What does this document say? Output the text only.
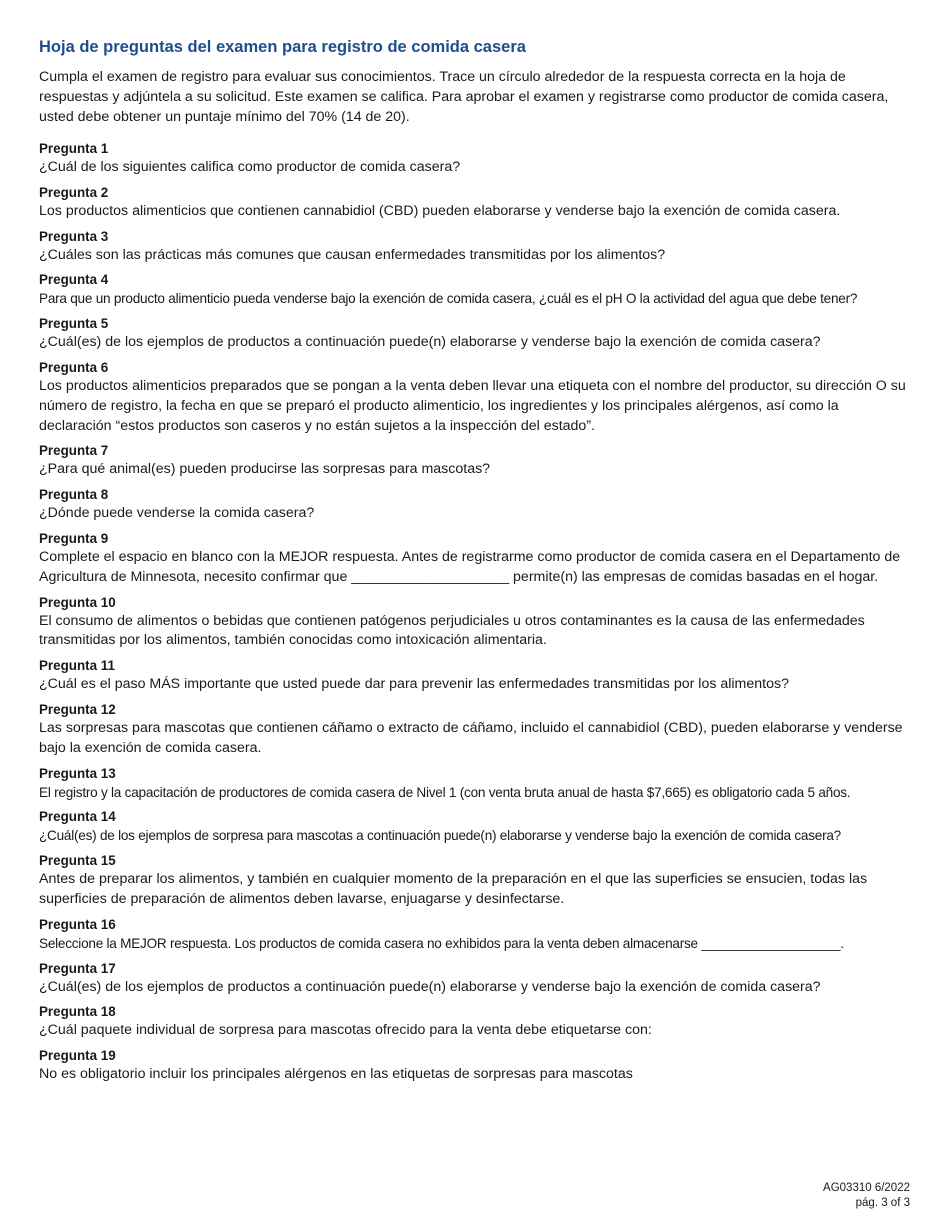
Hoja de preguntas del examen para registro de comida casera

Cumpla el examen de registro para evaluar sus conocimientos. Trace un círculo alrededor de la respuesta correcta en la hoja de respuestas y adjúntela a su solicitud. Este examen se califica. Para aprobar el examen y registrarse como productor de comida casera, usted debe obtener un puntaje mínimo del 70% (14 de 20).

Pregunta 1
¿Cuál de los siguientes califica como productor de comida casera?
Pregunta 2
Los productos alimenticios que contienen cannabidiol (CBD) pueden elaborarse y venderse bajo la exención de comida casera.
Pregunta 3
¿Cuáles son las prácticas más comunes que causan enfermedades transmitidas por los alimentos?
Pregunta 4
Para que un producto alimenticio pueda venderse bajo la exención de comida casera, ¿cuál es el pH O la actividad del agua que debe tener?
Pregunta 5
¿Cuál(es) de los ejemplos de productos a continuación puede(n) elaborarse y venderse bajo la exención de comida casera?
Pregunta 6
Los productos alimenticios preparados que se pongan a la venta deben llevar una etiqueta con el nombre del productor, su dirección O su número de registro, la fecha en que se preparó el producto alimenticio, los ingredientes y los principales alérgenos, así como la declaración “estos productos son caseros y no están sujetos a la inspección del estado”.
Pregunta 7
¿Para qué animal(es) pueden producirse las sorpresas para mascotas?
Pregunta 8
¿Dónde puede venderse la comida casera?
Pregunta 9
Complete el espacio en blanco con la MEJOR respuesta. Antes de registrarme como productor de comida casera en el Departamento de Agricultura de Minnesota, necesito confirmar que ____________________ permite(n) las empresas de comidas basadas en el hogar.
Pregunta 10
El consumo de alimentos o bebidas que contienen patógenos perjudiciales u otros contaminantes es la causa de las enfermedades transmitidas por los alimentos, también conocidas como intoxicación alimentaria.
Pregunta 11
¿Cuál es el paso MÁS importante que usted puede dar para prevenir las enfermedades transmitidas por los alimentos?
Pregunta 12
Las sorpresas para mascotas que contienen cáñamo o extracto de cáñamo, incluido el cannabidiol (CBD), pueden elaborarse y venderse bajo la exención de comida casera.
Pregunta 13
El registro y la capacitación de productores de comida casera de Nivel 1 (con venta bruta anual de hasta $7,665) es obligatorio cada 5 años.
Pregunta 14
¿Cuál(es) de los ejemplos de sorpresa para mascotas a continuación puede(n) elaborarse y venderse bajo la exención de comida casera?
Pregunta 15
Antes de preparar los alimentos, y también en cualquier momento de la preparación en el que las superficies se ensucien, todas las superficies de preparación de alimentos deben lavarse, enjuagarse y desinfectarse.
Pregunta 16
Seleccione la MEJOR respuesta. Los productos de comida casera no exhibidos para la venta deben almacenarse ___________________.
Pregunta 17
¿Cuál(es) de los ejemplos de productos a continuación puede(n) elaborarse y venderse bajo la exención de comida casera?
Pregunta 18
¿Cuál paquete individual de sorpresa para mascotas ofrecido para la venta debe etiquetarse con:
Pregunta 19
No es obligatorio incluir los principales alérgenos en las etiquetas de sorpresas para mascotas
AG03310 6/2022
pág. 3 of 3
